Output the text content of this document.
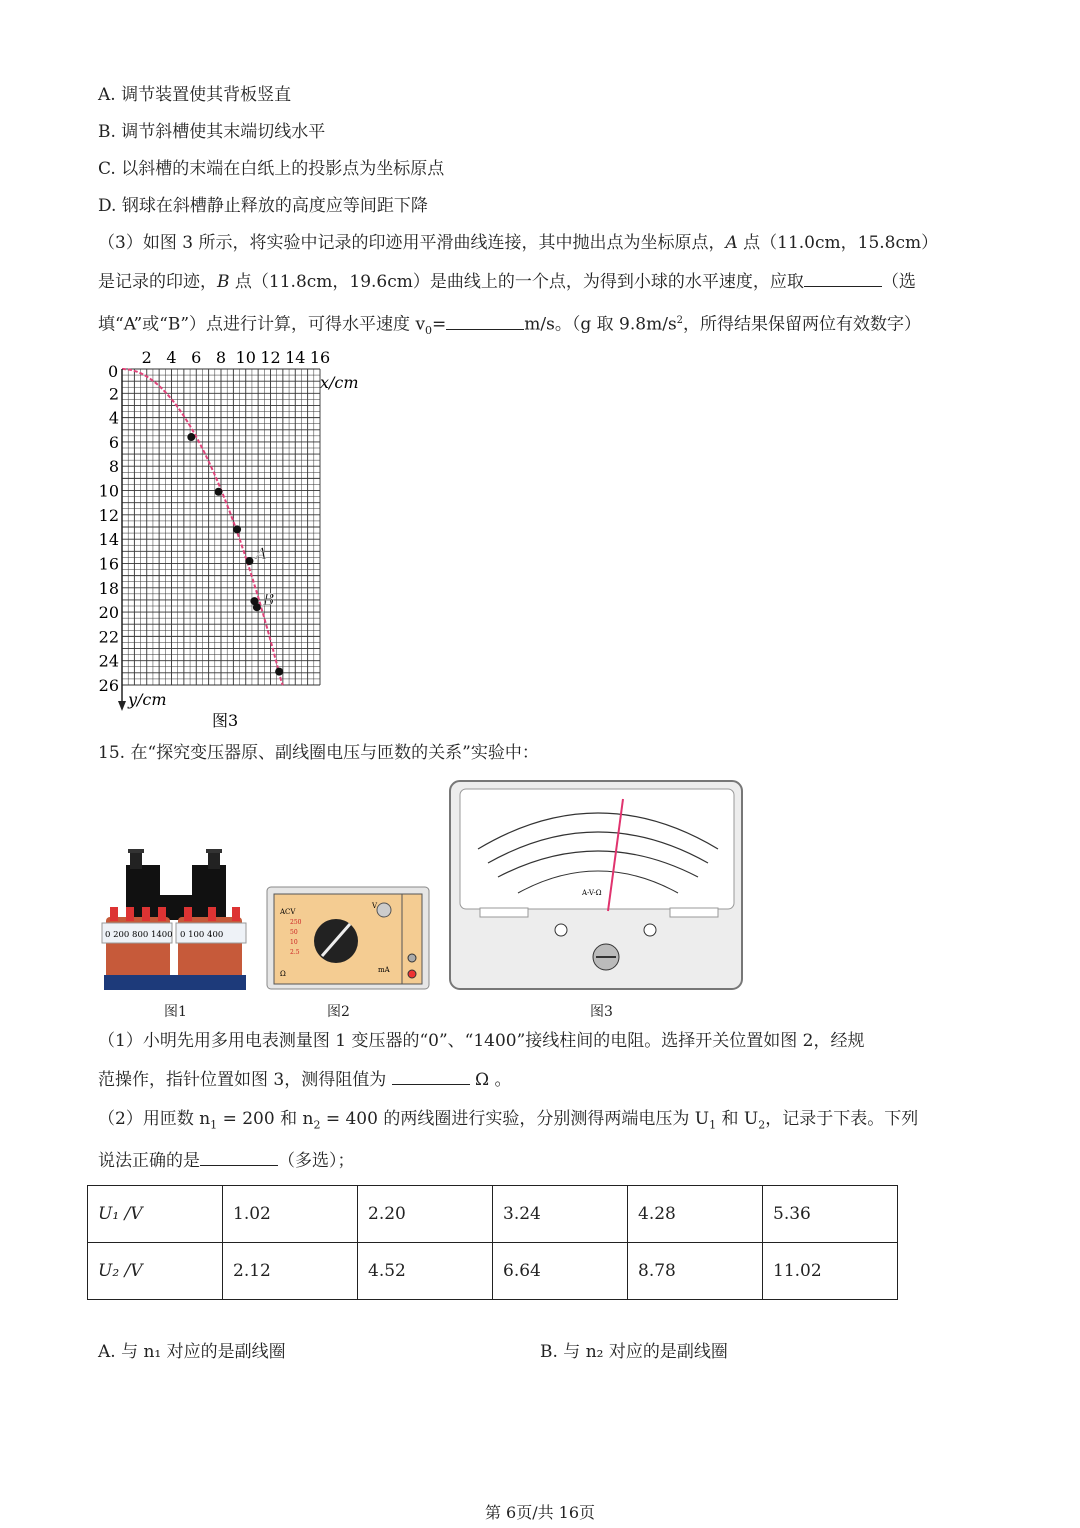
A. 调节装置使其背板竖直
B. 调节斜槽使其末端切线水平
C. 以斜槽的末端在白纸上的投影点为坐标原点
D. 钢球在斜槽静止释放的高度应等间距下降
（3）如图 3 所示，将实验中记录的印迹用平滑曲线连接，其中抛出点为坐标原点，A 点（11.0cm，15.8cm）
是记录的印迹，B 点（11.8cm，19.6cm）是曲线上的一个点，为得到小球的水平速度，应取	（选
填“A”或“B”）点进行计算，可得水平速度 $v_0=$	m/s。（g 取 $9.8m/s^2$，所得结果保留两位有效数字）
A
B
0
2 4 6 8 10 12 14 16
2
4
6
8
10
12
14
16
18
20
22
24
26
x/cm
y/cm
图3
15. 在“探究变压器原、副线圈电压与匝数的关系”实验中：
0 200 800 1400 0 100 400
图1
ACV
V
mA
Ω
250
50
10
2.5
图2
A-V-Ω
图3
（1）小明先用多用电表测量图 1 变压器的“0”、“1400”接线柱间的电阻。选择开关位置如图 2，经规
范操作，指针位置如图 3，测得阻值为	Ω 。
（2）用匝数 $n_1 = 200$ 和 $n_2 = 400$ 的两线圈进行实验，分别测得两端电压为 $U_1$ 和 $U_2$，记录于下表。下列
说法正确的是	（多选）；
U₁ /V	1.02	2.20	3.24	4.28	5.36
U₂ /V	2.12	4.52	6.64	8.78	11.02
A. 与 n₁ 对应的是副线圈	B. 与 n₂ 对应的是副线圈
第 6页/共 16页
